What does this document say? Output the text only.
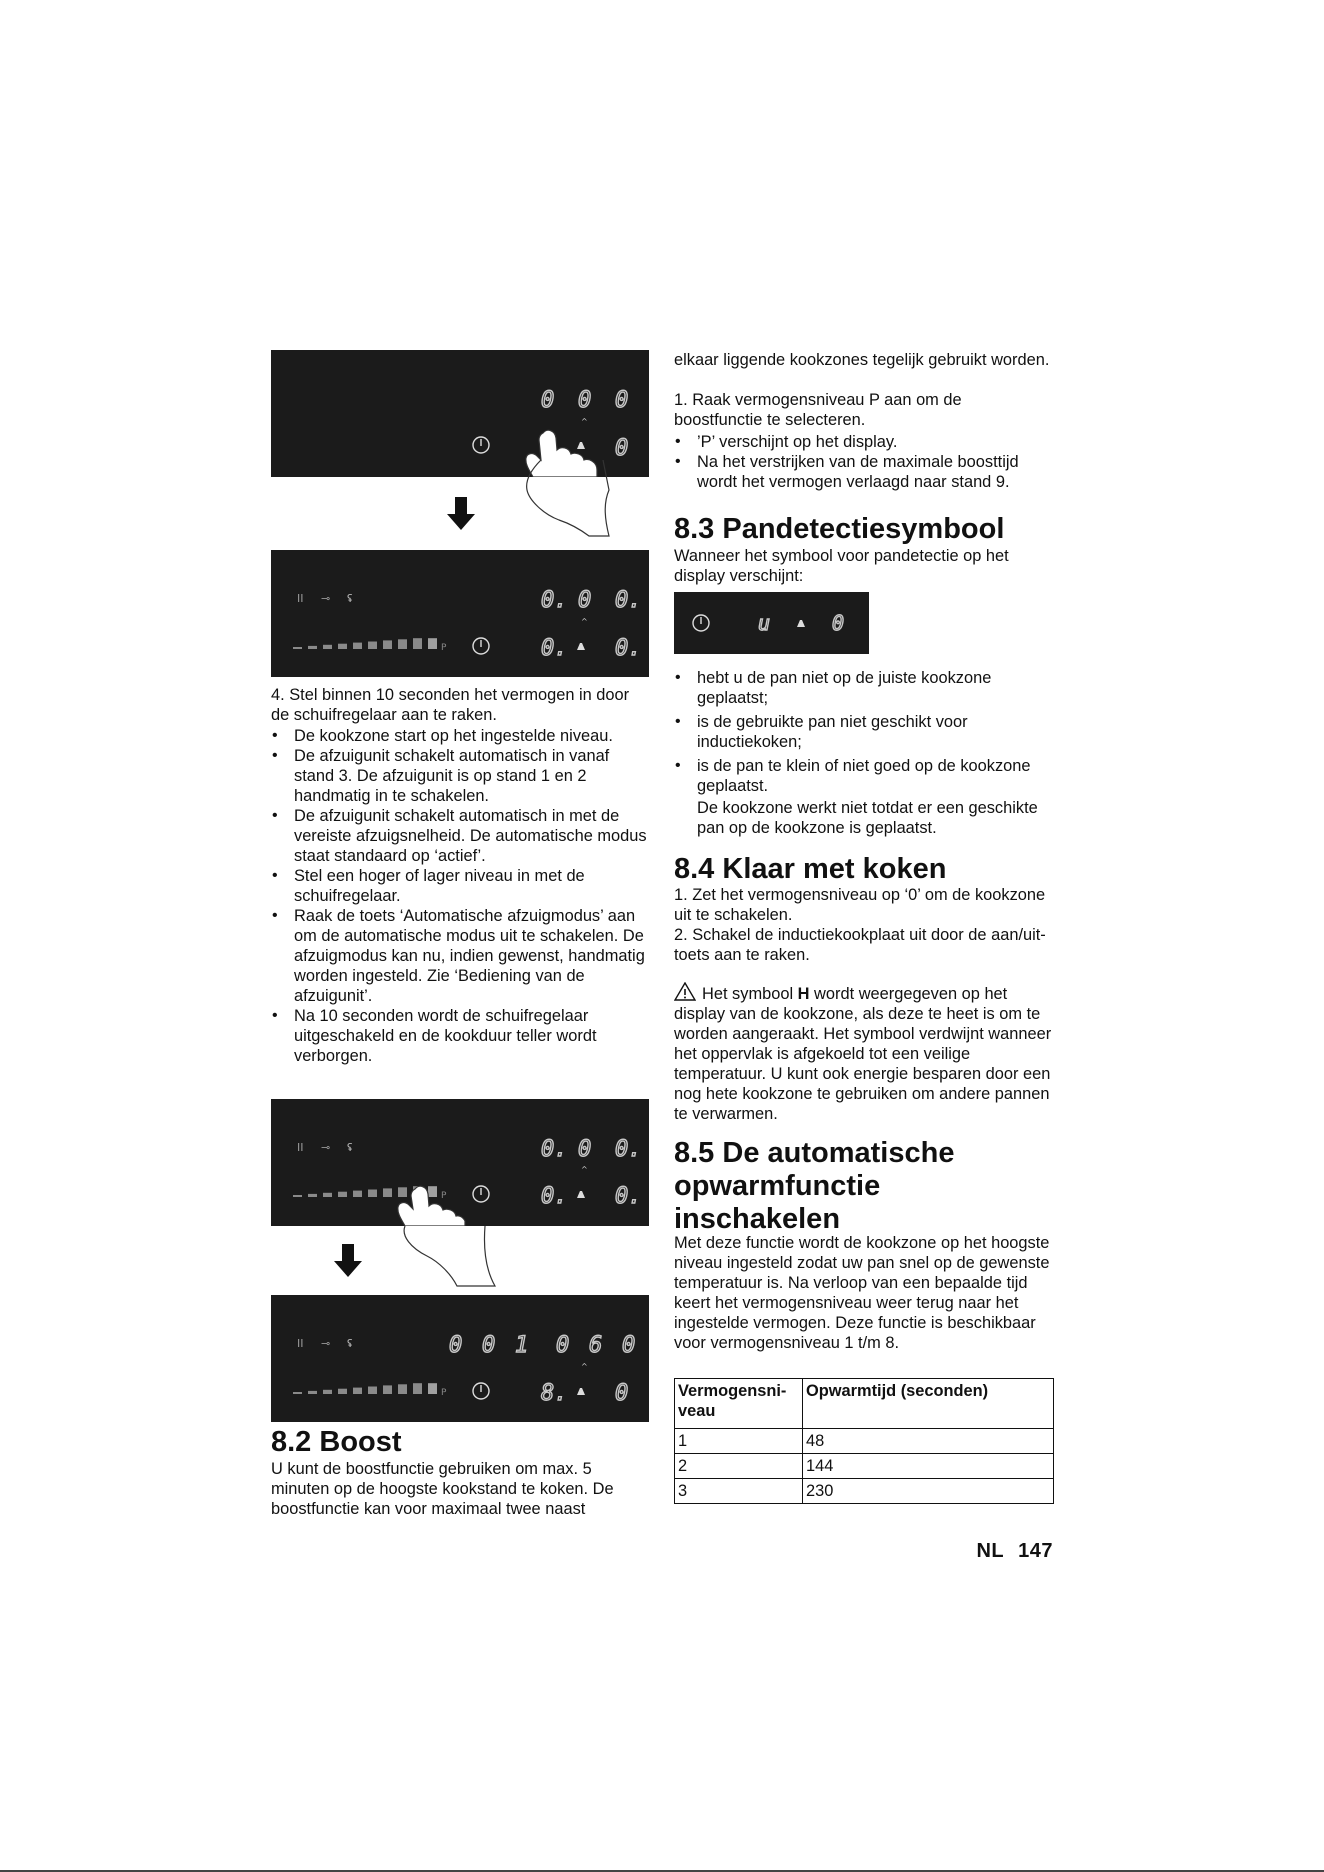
0 0 0
^
0
II ⊸ ʢ
P
^
0. 0 0.
0. 0.

4. Stel binnen 10 seconden het vermogen in door de schuifregelaar aan te raken.

• De kookzone start op het ingestelde niveau.
• De afzuigunit schakelt automatisch in vanaf stand 3. De afzuigunit is op stand 1 en 2 handmatig in te schakelen.
• De afzuigunit schakelt automatisch in met de vereiste afzuigsnelheid. De automatische modus staat standaard op ‘actief’.
• Stel een hoger of lager niveau in met de schuifregelaar.
• Raak de toets ‘Automatische afzuigmodus’ aan om de automatische modus uit te schakelen. De afzuigmodus kan nu, indien gewenst, handmatig worden ingesteld. Zie ‘Bediening van de afzuigunit’.
• Na 10 seconden wordt de schuifregelaar uitgeschakeld en de kookduur teller wordt verborgen.
II ⊸ ʢ
P
^
0. 0 0.
0. 0.
II ⊸ ʢ
P
^
0 0 1 0 6 0
8. 0

8.2 Boost

U kunt de boostfunctie gebruiken om max. 5 minuten op de hoogste kookstand te koken. De boostfunctie kan voor maximaal twee naast

elkaar liggende kookzones tegelijk gebruikt worden.

1. Raak vermogensniveau P aan om de boostfunctie te selecteren.

• ’P’ verschijnt op het display.
• Na het verstrijken van de maximale boosttijd wordt het vermogen verlaagd naar stand 9.

8.3 Pandetectiesymbool

Wanneer het symbool voor pandetectie op het display verschijnt:

u	0
• hebt u de pan niet op de juiste kookzone geplaatst;
• is de gebruikte pan niet geschikt voor inductiekoken;
• is de pan te klein of niet goed op de kookzone geplaatst.

De kookzone werkt niet totdat er een geschikte pan op de kookzone is geplaatst.

8.4 Klaar met koken

1. Zet het vermogensniveau op ‘0’ om de kookzone uit te schakelen.

2. Schakel de inductiekookplaat uit door de aan/uit-toets aan te raken.

Het symbool H wordt weergegeven op het display van de kookzone, als deze te heet is om te worden aangeraakt. Het symbool verdwijnt wanneer het oppervlak is afgekoeld tot een veilige temperatuur. U kunt ook energie besparen door een nog hete kookzone te gebruiken om andere pannen te verwarmen.

8.5 De automatische opwarmfunctie inschakelen

Met deze functie wordt de kookzone op het hoogste niveau ingesteld zodat uw pan snel op de gewenste temperatuur is. Na verloop van een bepaalde tijd keert het vermogensniveau weer terug naar het ingestelde vermogen. Deze functie is beschikbaar voor vermogensniveau 1 t/m 8.

Vermogensni-veau	Opwarmtijd (seconden)
1	48
2	144
3	230
NL 147
